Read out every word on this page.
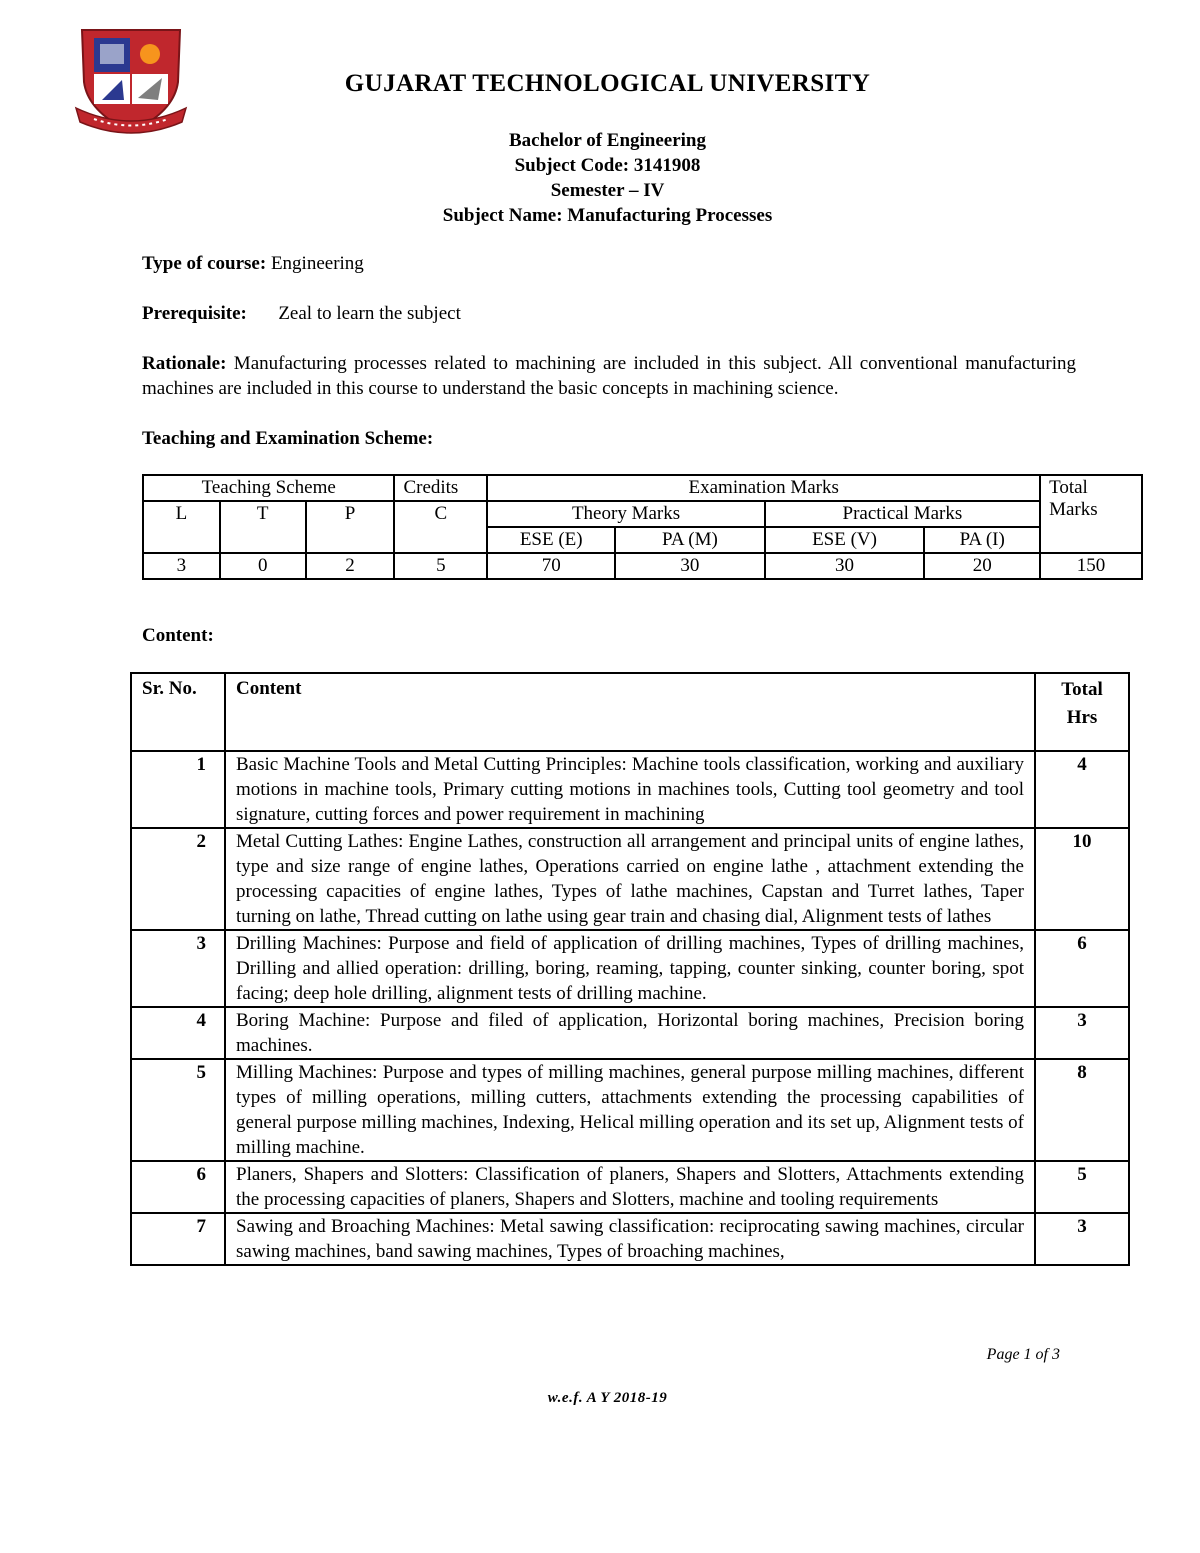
GUJARAT TECHNOLOGICAL UNIVERSITY
Bachelor of Engineering
Subject Code: 3141908
Semester – IV
Subject Name: Manufacturing Processes
Type of course: Engineering
Prerequisite: Zeal to learn the subject
Rationale: Manufacturing processes related to machining are included in this subject. All conventional manufacturing machines are included in this course to understand the basic concepts in machining science.
Teaching and Examination Scheme:
Teaching Scheme			Credits	Examination Marks				Total Marks
L	T	P	C	Theory Marks		Practical Marks		
				ESE (E)	PA (M)	ESE (V)	PA (I)	
3	0	2	5	70	30	30	20	150
Content:
Sr. No.	Content	Total Hrs
1	Basic Machine Tools and Metal Cutting Principles: Machine tools classification, working and auxiliary motions in machine tools, Primary cutting motions in machines tools, Cutting tool geometry and tool signature, cutting forces and power requirement in machining	4
2	Metal Cutting Lathes: Engine Lathes, construction all arrangement and principal units of engine lathes, type and size range of engine lathes, Operations carried on engine lathe , attachment extending the processing capacities of engine lathes, Types of lathe machines, Capstan and Turret lathes, Taper turning on lathe, Thread cutting on lathe using gear train and chasing dial, Alignment tests of lathes	10
3	Drilling Machines: Purpose and field of application of drilling machines, Types of drilling machines, Drilling and allied operation: drilling, boring, reaming, tapping, counter sinking, counter boring, spot facing; deep hole drilling, alignment tests of drilling machine.	6
4	Boring Machine: Purpose and filed of application, Horizontal boring machines, Precision boring machines.	3
5	Milling Machines: Purpose and types of milling machines, general purpose milling machines, different types of milling operations, milling cutters, attachments extending the processing capabilities of general purpose milling machines, Indexing, Helical milling operation and its set up, Alignment tests of milling machine.	8
6	Planers, Shapers and Slotters: Classification of planers, Shapers and Slotters, Attachments extending the processing capacities of planers, Shapers and Slotters, machine and tooling requirements	5
7	Sawing and Broaching Machines: Metal sawing classification: reciprocating sawing machines, circular sawing machines, band sawing machines, Types of broaching machines,	3
Page 1 of 3
w.e.f. A Y 2018-19
